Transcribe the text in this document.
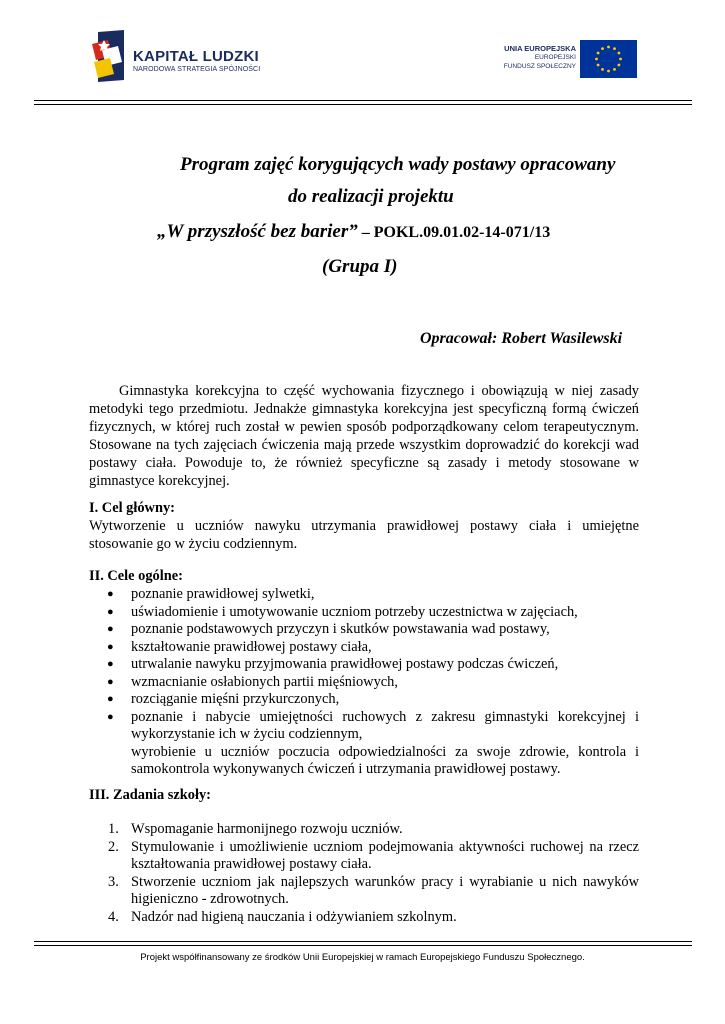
KAPITAŁ LUDZKI
NARODOWA STRATEGIA SPÓJNOŚCI
UNIA EUROPEJSKA
EUROPEJSKI
FUNDUSZ SPOŁECZNY
Program zajęć korygujących wady postawy opracowany
do realizacji projektu
„W przyszłość bez barier” – POKL.09.01.02-14-071/13
(Grupa I)
Opracował: Robert Wasilewski

Gimnastyka korekcyjna to część wychowania fizycznego i obowiązują w niej zasady metodyki tego przedmiotu. Jednakże gimnastyka korekcyjna jest specyficzną formą ćwiczeń fizycznych, w której ruch został w pewien sposób podporządkowany celom terapeutycznym. Stosowane na tych zajęciach ćwiczenia mają przede wszystkim doprowadzić do korekcji wad postawy ciała. Powoduje to, że również specyficzne są zasady i metody stosowane w gimnastyce korekcyjnej.

I. Cel główny:
Wytworzenie u uczniów nawyku utrzymania prawidłowej postawy ciała i umiejętne stosowanie go w życiu codziennym.
II. Cele ogólne:
● poznanie prawidłowej sylwetki,
● uświadomienie i umotywowanie uczniom potrzeby uczestnictwa w zajęciach,
● poznanie podstawowych przyczyn i skutków powstawania wad postawy,
● kształtowanie prawidłowej postawy ciała,
● utrwalanie nawyku przyjmowania prawidłowej postawy podczas ćwiczeń,
● wzmacnianie osłabionych partii mięśniowych,
● rozciąganie mięśni przykurczonych,
● poznanie i nabycie umiejętności ruchowych z zakresu gimnastyki korekcyjnej i wykorzystanie ich w życiu codziennym,
wyrobienie u uczniów poczucia odpowiedzialności za swoje zdrowie, kontrola i samokontrola wykonywanych ćwiczeń i utrzymania prawidłowej postawy.
III. Zadania szkoły:
1. Wspomaganie harmonijnego rozwoju uczniów.
2. Stymulowanie i umożliwienie uczniom podejmowania aktywności ruchowej na rzecz kształtowania prawidłowej postawy ciała.
3. Stworzenie uczniom jak najlepszych warunków pracy i wyrabianie u nich nawyków higieniczno - zdrowotnych.
4. Nadzór nad higieną nauczania i odżywianiem szkolnym.
Projekt współfinansowany ze środków Unii Europejskiej w ramach Europejskiego Funduszu Społecznego.
